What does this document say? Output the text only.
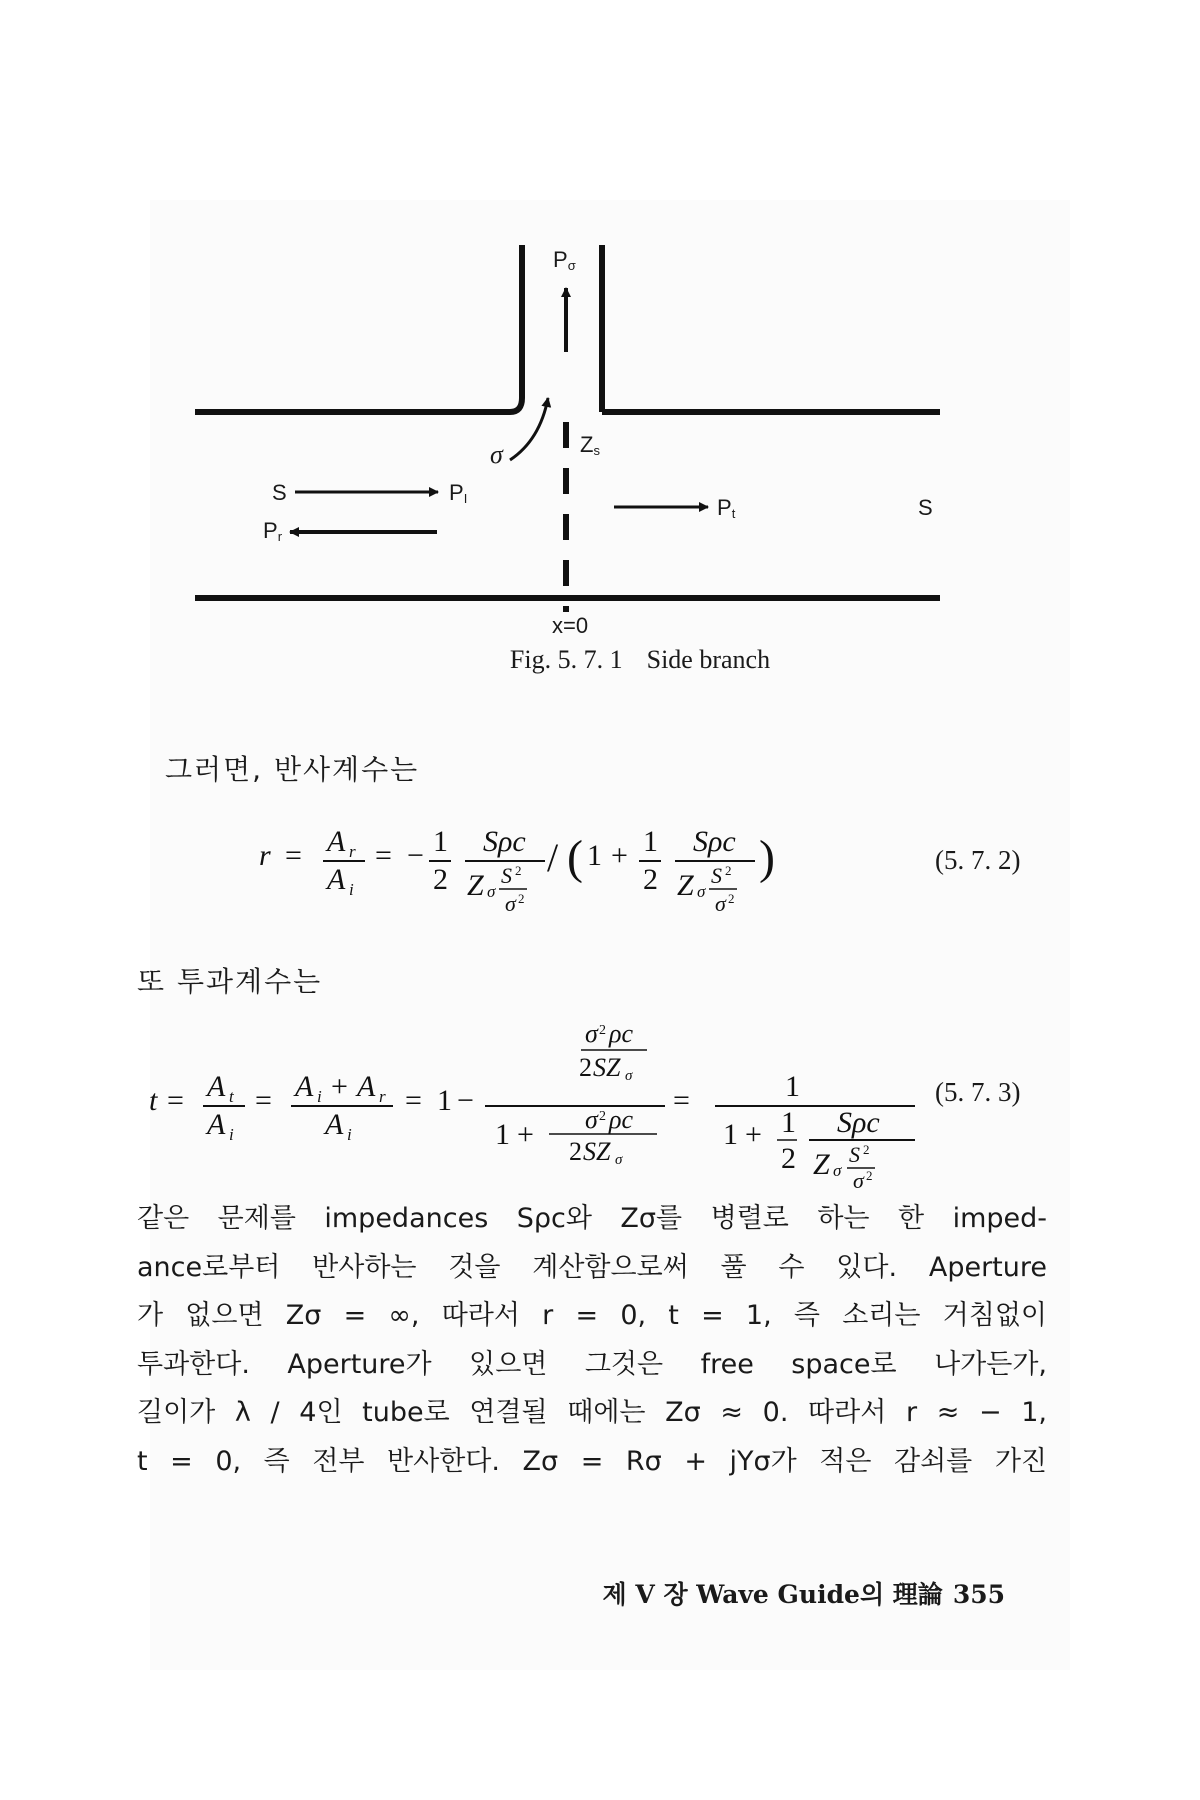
$P_\sigma$
σ	$Z_s$
S	$P_I$
$P_r$
$P_t$	S
x=0
Fig. 5. 7. 1 Side branch
그러면, 반사계수는
r = A r
A i
= − 1
2
Sρc
Z σ
S 2
σ 2
/ ( 1 + 1
2
Sρc
Z σ
S 2
σ 2
)	(5. 7. 2)
또 투과계수는
t = A t
A i
= A i + A r
A i
= 1 −
σ 2 ρc
2 SZ σ
1 + σ 2 ρc
2 SZ σ
=	1
1 + 1
2
Sρc
Z σ
S 2
σ 2
(5. 7. 3)
같은 문제를 impedances Sρc와 Zσ를 병렬로 하는 한 imped-
ance로부터 반사하는 것을 계산함으로써 풀 수 있다. Aperture
가 없으면 Zσ = ∞, 따라서 r = 0, t = 1, 즉 소리는 거침없이
투과한다. Aperture가 있으면 그것은 free space로 나가든가,
길이가 λ / 4인 tube로 연결될 때에는 Zσ ≈ 0. 따라서 r ≈ − 1,
t = 0, 즉 전부 반사한다. Zσ = Rσ + jYσ가 적은 감쇠를 가진
제 V 장 Wave Guide의 理論 355
